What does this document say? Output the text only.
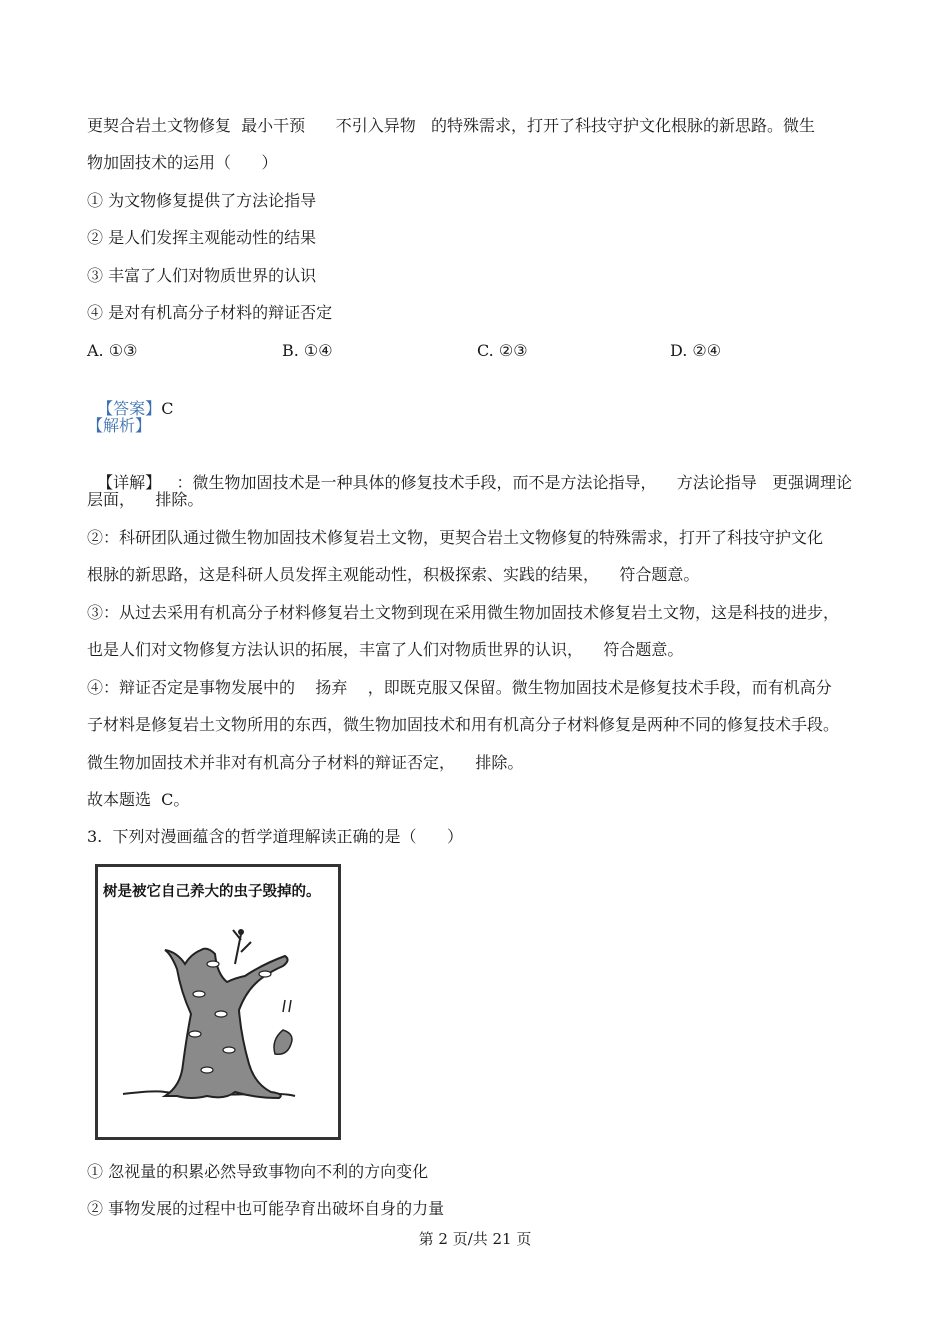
更契合岩土文物修复  最小干预      不引入异物   的特殊需求，打开了科技守护文化根脉的新思路。微生
物加固技术的运用（      ）
① 为文物修复提供了方法论指导
② 是人们发挥主观能动性的结果
③ 丰富了人们对物质世界的认识
④ 是对有机高分子材料的辩证否定
A. ①③	B. ①④	C. ②③	D. ②④

【答案】C

【解析】

【详解】   ：微生物加固技术是一种具体的修复技术手段，而不是方法论指导，    方法论指导   更强调理论

层面，    排除。
②：科研团队通过微生物加固技术修复岩土文物，更契合岩土文物修复的特殊需求，打开了科技守护文化
根脉的新思路，这是科研人员发挥主观能动性，积极探索、实践的结果，    符合题意。
③：从过去采用有机高分子材料修复岩土文物到现在采用微生物加固技术修复岩土文物，这是科技的进步，
也是人们对文物修复方法认识的拓展，丰富了人们对物质世界的认识，    符合题意。
④：辩证否定是事物发展中的    扬弃    ，即既克服又保留。微生物加固技术是修复技术手段，而有机高分
子材料是修复岩土文物所用的东西，微生物加固技术和用有机高分子材料修复是两种不同的修复技术手段。
微生物加固技术并非对有机高分子材料的辩证否定，    排除。
故本题选  C。
3.  下列对漫画蕴含的哲学道理解读正确的是（      ）
树是被它自己养大的虫子毁掉的。
① 忽视量的积累必然导致事物向不利的方向变化
② 事物发展的过程中也可能孕育出破坏自身的力量
第 2 页/共 21 页
